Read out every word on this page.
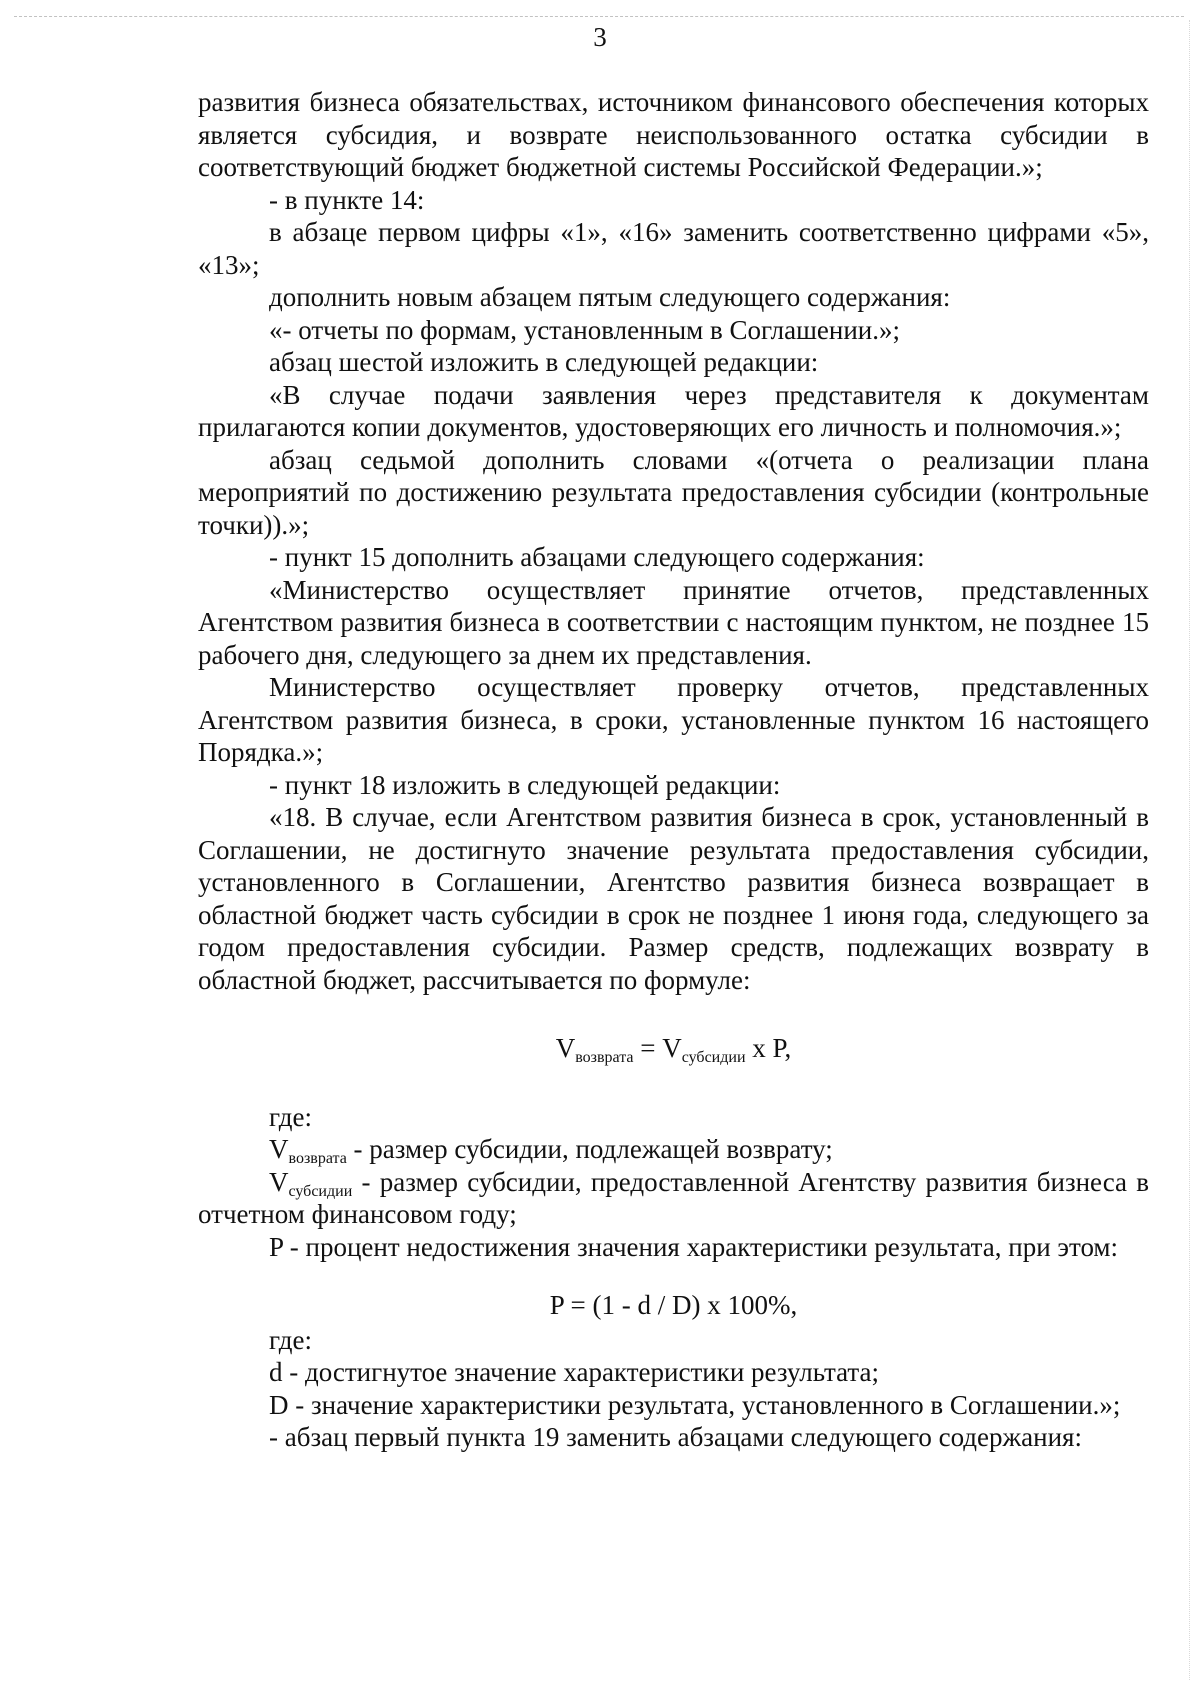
3

развития бизнеса обязательствах, источником финансового обеспечения которых является субсидия, и возврате неиспользованного остатка субсидии в соответствующий бюджет бюджетной системы Российской Федерации.»;

- в пункте 14:

в абзаце первом цифры «1», «16» заменить соответственно цифрами «5», «13»;

дополнить новым абзацем пятым следующего содержания:

«- отчеты по формам, установленным в Соглашении.»;

абзац шестой изложить в следующей редакции:

«В случае подачи заявления через представителя к документам прилагаются копии документов, удостоверяющих его личность и полномочия.»;

абзац седьмой дополнить словами «(отчета о реализации плана мероприятий по достижению результата предоставления субсидии (контрольные точки)).»;

- пункт 15 дополнить абзацами следующего содержания:

«Министерство осуществляет принятие отчетов, представленных Агентством развития бизнеса в соответствии с настоящим пунктом, не позднее 15 рабочего дня, следующего за днем их представления.

Министерство осуществляет проверку отчетов, представленных Агентством развития бизнеса, в сроки, установленные пунктом 16 настоящего Порядка.»;

- пункт 18 изложить в следующей редакции:

«18. В случае, если Агентством развития бизнеса в срок, установленный в Соглашении, не достигнуто значение результата предоставления субсидии, установленного в Соглашении, Агентство развития бизнеса возвращает в областной бюджет часть субсидии в срок не позднее 1 июня года, следующего за годом предоставления субсидии. Размер средств, подлежащих возврату в областной бюджет, рассчитывается по формуле:

$V_{возврата} = V_{субсидии}$ x P,

где:

$V_{возврата}$ - размер субсидии, подлежащей возврату;

$V_{субсидии}$ - размер субсидии, предоставленной Агентству развития бизнеса в отчетном финансовом году;

P - процент недостижения значения характеристики результата, при этом:

P = (1 - d / D) x 100%,

где:

d - достигнутое значение характеристики результата;

D - значение характеристики результата, установленного в Соглашении.»;

- абзац первый пункта 19 заменить абзацами следующего содержания:
